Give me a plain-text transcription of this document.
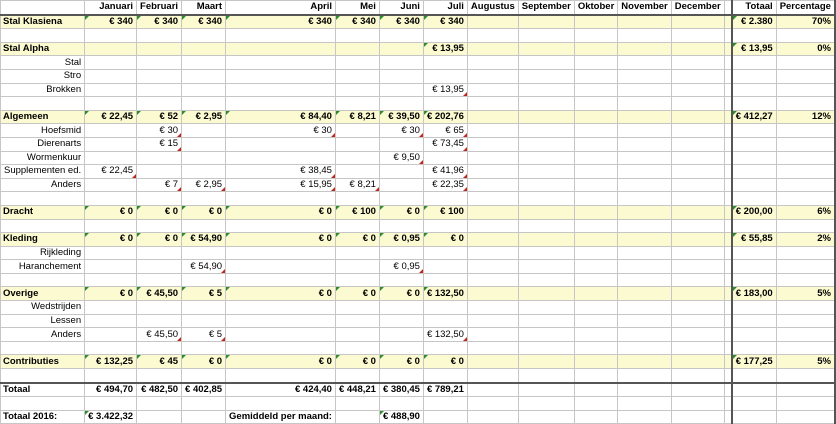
	Januari	Februari	Maart	April	Mei	Juni	Juli	Augustus	September	Oktober	November	December		Totaal	Percentage
Stal Klasiena	€ 340	€ 340	€ 340	€ 340	€ 340	€ 340	€ 340							€ 2.380	70%

Stal Alpha							€ 13,95							€ 13,95	0%
Stal															
Stro															
Brokken							€ 13,95								

Algemeen	€ 22,45	€ 52	€ 2,95	€ 84,40	€ 8,21	€ 39,50	€ 202,76							€ 412,27	12%
Hoefsmid		€ 30		€ 30		€ 30	€ 65								
Dierenarts		€ 15					€ 73,45								
Wormenkuur						€ 9,50									
Supplementen ed.	€ 22,45			€ 38,45			€ 41,96								
Anders		€ 7	€ 2,95	€ 15,95	€ 8,21		€ 22,35								

Dracht	€ 0	€ 0	€ 0	€ 0	€ 100	€ 0	€ 100							€ 200,00	6%

Kleding	€ 0	€ 0	€ 54,90	€ 0	€ 0	€ 0,95	€ 0							€ 55,85	2%
Rijkleding															
Haranchement			€ 54,90			€ 0,95									

Overige	€ 0	€ 45,50	€ 5	€ 0	€ 0	€ 0	€ 132,50							€ 183,00	5%
Wedstrijden															
Lessen															
Anders		€ 45,50	€ 5				€ 132,50								

Contributies	€ 132,25	€ 45	€ 0	€ 0	€ 0	€ 0	€ 0							€ 177,25	5%

Totaal	€ 494,70	€ 482,50	€ 402,85	€ 424,40	€ 448,21	€ 380,45	€ 789,21								

Totaal 2016:	€ 3.422,32			Gemiddeld per maand:		€ 488,90									
